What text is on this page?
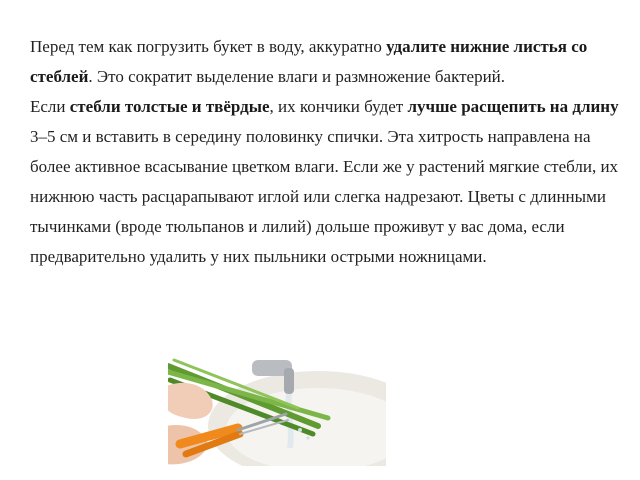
Перед тем как погрузить букет в воду, аккуратно удалите нижние листья со стеблей. Это сократит выделение влаги и размножение бактерий.

Если стебли толстые и твёрдые, их кончики будет лучше расщепить на длину 3–5 см и вставить в середину половинку спички. Эта хитрость направлена на более активное всасывание цветком влаги. Если же у растений мягкие стебли, их нижнюю часть расцарапывают иглой или слегка надрезают. Цветы с длинными тычинками (вроде тюльпанов и лилий) дольше проживут у вас дома, если предварительно удалить у них пыльники острыми ножницами.
